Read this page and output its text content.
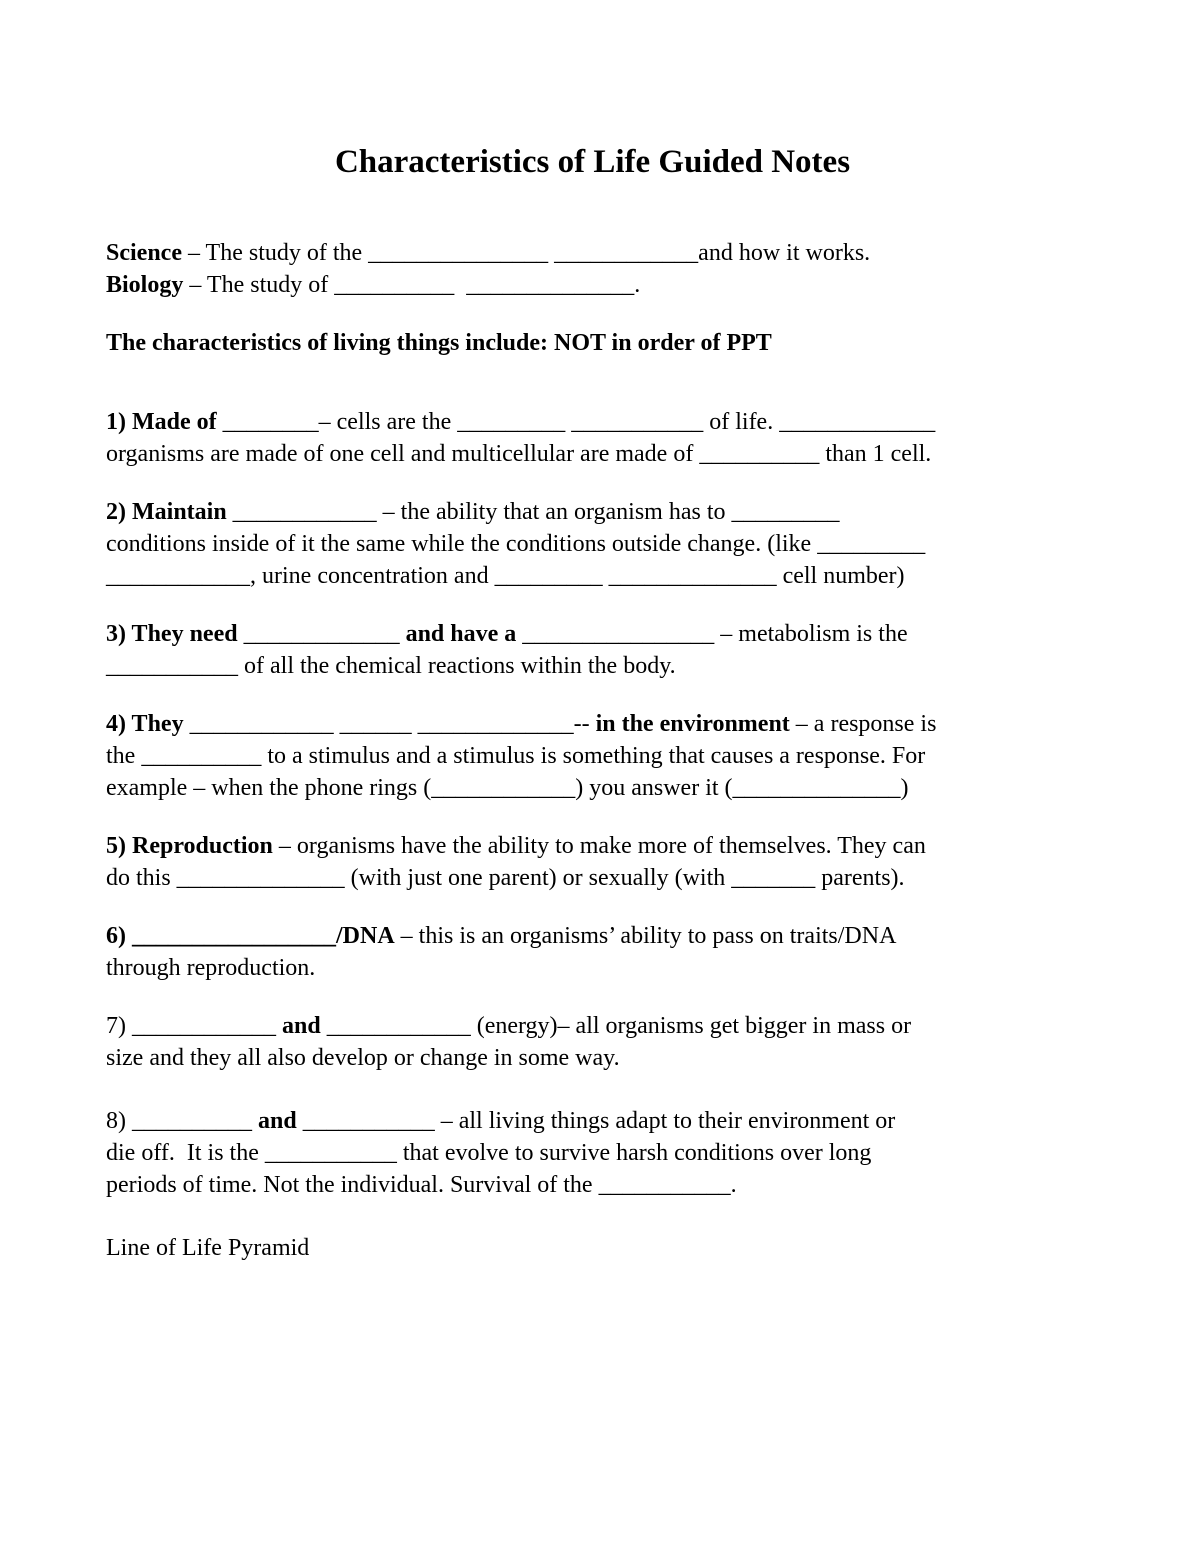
Characteristics of Life Guided Notes
Science – The study of the _______________ ____________and how it works.
Biology – The study of __________  ______________.
The characteristics of living things include: NOT in order of PPT
1) Made of ________– cells are the _________ ___________ of life. _____________
organisms are made of one cell and multicellular are made of __________ than 1 cell.
2) Maintain ____________ – the ability that an organism has to _________
conditions inside of it the same while the conditions outside change. (like _________
____________, urine concentration and _________ ______________ cell number)
3) They need _____________ and have a ________________ – metabolism is the
___________ of all the chemical reactions within the body.
4) They ____________ ______ _____________-- in the environment – a response is
the __________ to a stimulus and a stimulus is something that causes a response. For
example – when the phone rings (____________) you answer it (______________)
5) Reproduction – organisms have the ability to make more of themselves. They can
do this ______________ (with just one parent) or sexually (with _______ parents).
6) _________________/DNA – this is an organisms’ ability to pass on traits/DNA
through reproduction.
7) ____________ and ____________ (energy)– all organisms get bigger in mass or
size and they all also develop or change in some way.
8) __________ and ___________ – all living things adapt to their environment or
die off.  It is the ___________ that evolve to survive harsh conditions over long
periods of time. Not the individual. Survival of the ___________.
Line of Life Pyramid
